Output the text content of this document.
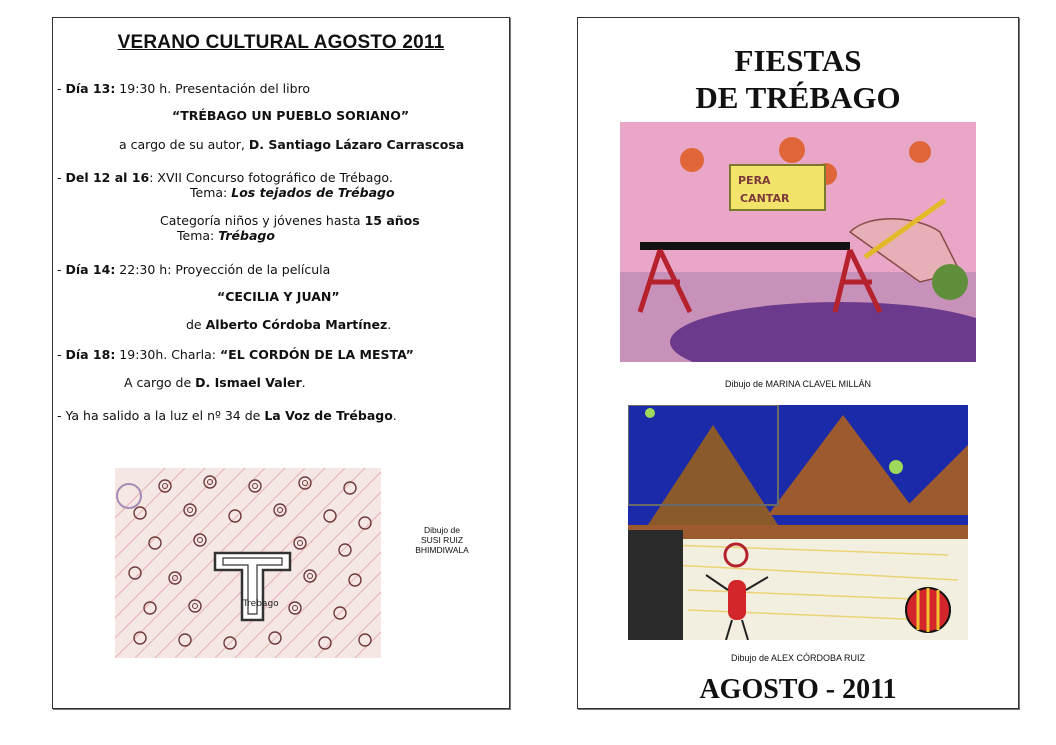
VERANO CULTURAL AGOSTO 2011
- Día 13: 19:30 h. Presentación del libro
“TRÉBAGO UN PUEBLO SORIANO”
a cargo de su autor, D. Santiago Lázaro Carrascosa
- Del 12 al 16: XVII Concurso fotográfico de Trébago.
Tema: Los tejados de Trébago
Categoría niños y jóvenes hasta 15 años
Tema: Trébago
- Día 14: 22:30 h: Proyección de la película
“CECILIA Y JUAN”
de Alberto Córdoba Martínez.
- Día 18: 19:30h. Charla: “EL CORDÓN DE LA MESTA”
A cargo de D. Ismael Valer.
- Ya ha salido a la luz el nº 34 de La Voz de Trébago.
Trebago
Dibujo de
SUSI RUIZ
BHIMDIWALA
FIESTAS
DE TRÉBAGO
PERA
CANTAR
Dibujo de MARINA CLAVEL MILLÁN
Dibujo de ALEX CÓRDOBA RUIZ
AGOSTO - 2011
